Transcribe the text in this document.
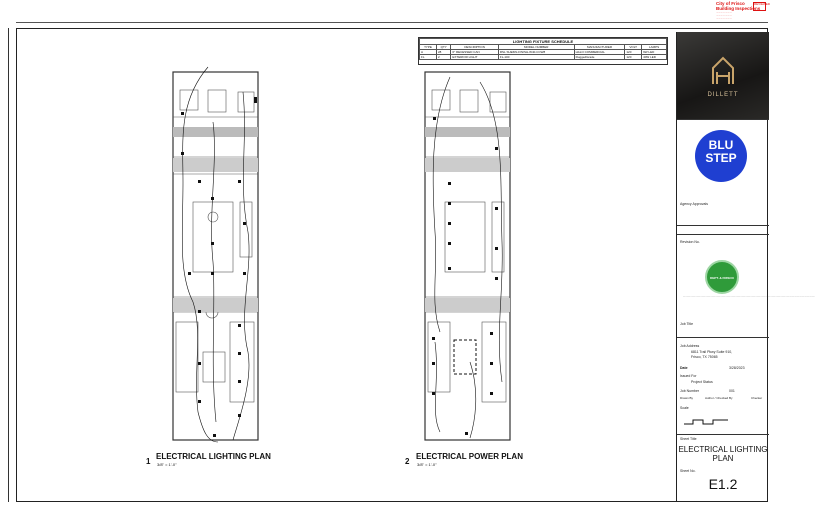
City of Frisco
Building Inspections
.......................
.......................
.......................
REVIEWED
LIGHTING FIXTURE SCHEDULE						
TYPE	QTY	DESCRIPTION	MODEL NUMBER	MANUFACTURER	VOLT	LAMPS
A	28	6" RECESSED CAN	RSL SUE6IN-FINISH-W40-CCW8	HALO COMMERCIAL	120	9W LED
FL	2	EXTERIOR LIGHT	FL-100	RuggedGrade	120	40W LED
1
ELECTRICAL LIGHTING PLAN
3/8" = 1'-0"	2
ELECTRICAL POWER PLAN
3/8" = 1'-0"
DILLETT
BLU
STEP
Agency Approvals
Revision No.
DEPT. & FRISCO
..............................................................................................................................................................................................................................................
Job Title
Job Address
6811 Trail Pkwy Suite 910,
Frisco, TX 75065
Date	3/28/2023
Issued For
Project Status
Job Number	001
Drawn By	Author / Checked By	Checker
Scale
Sheet Title
ELECTRICAL LIGHTING PLAN
Sheet No.
E1.2
